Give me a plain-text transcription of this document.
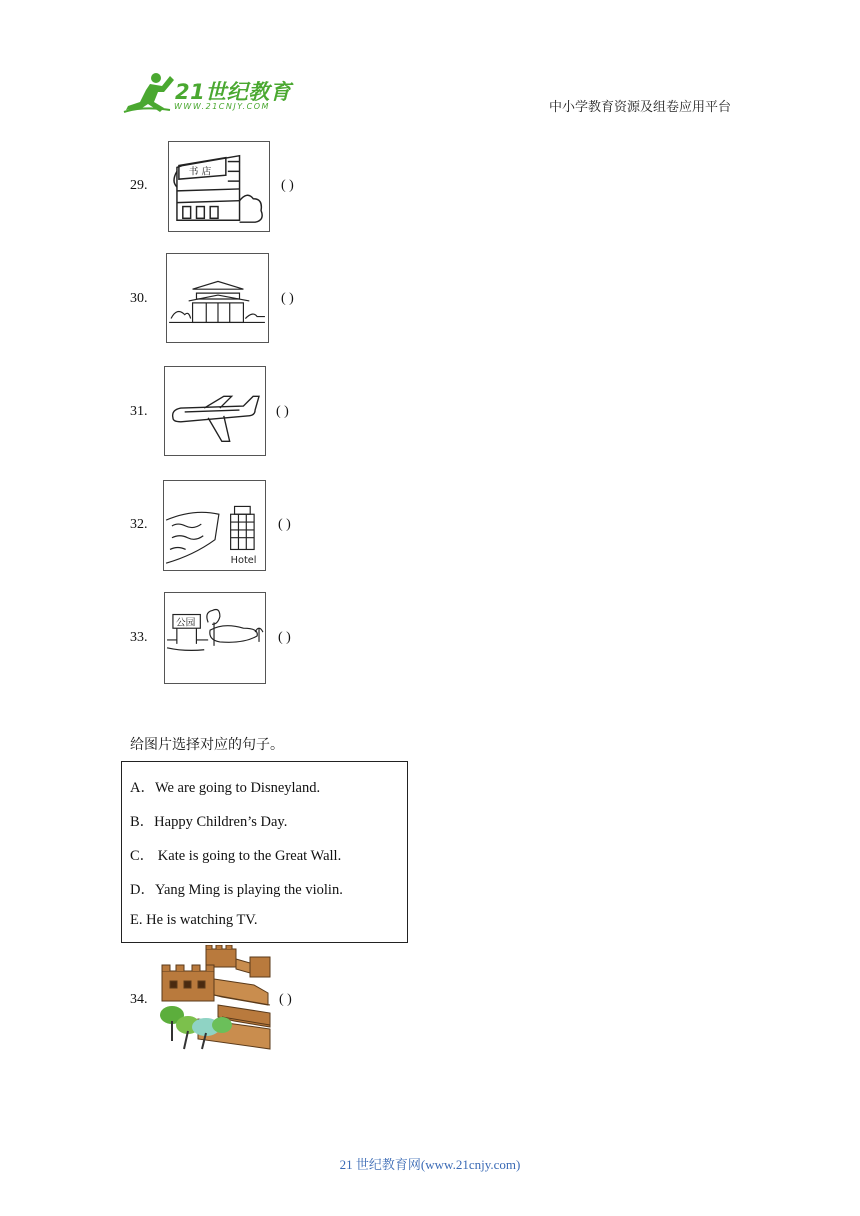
21世纪教育
WWW.21CNJY.COM	中小学教育资源及组卷应用平台
29.
书 店
( )
30.	( )
31.	( )
32.
Hotel
( )
33.
公园
( )
给图片选择对应的句子。
A．We are going to Disneyland.
B．Happy Children’s Day.
C． Kate is going to the Great Wall.
D．Yang Ming is playing the violin.
E. He is watching TV.
34.	( )
21 世纪教育网(www.21cnjy.com)
